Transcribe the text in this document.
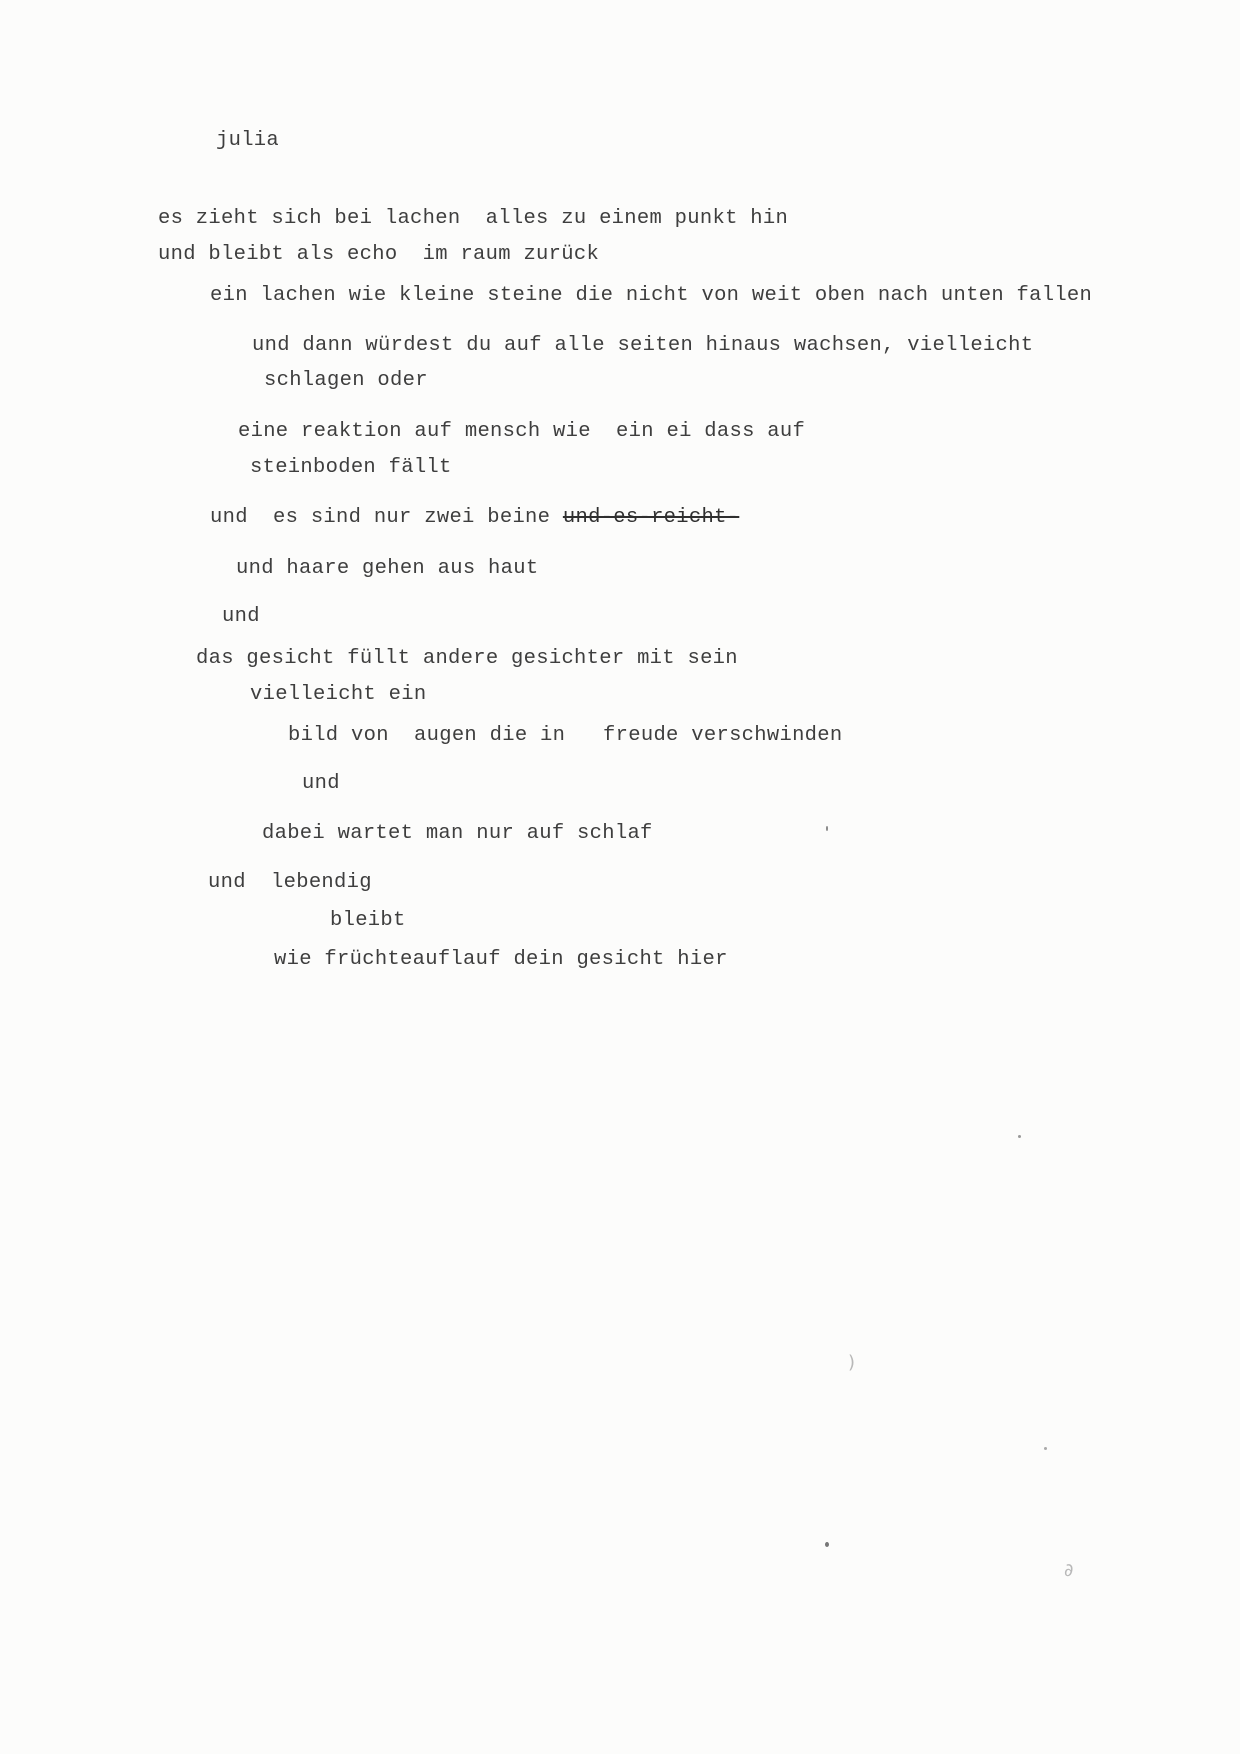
julia
es zieht sich bei lachen  alles zu einem punkt hin
und bleibt als echo  im raum zurück
ein lachen wie kleine steine die nicht von weit oben nach unten fallen
und dann würdest du auf alle seiten hinaus wachsen, vielleicht
schlagen oder
eine reaktion auf mensch wie  ein ei dass auf
steinboden fällt
und  es sind nur zwei beine und-es-reicht-
und haare gehen aus haut
und
das gesicht füllt andere gesichter mit sein
vielleicht ein
bild von  augen die in   freude verschwinden
und
dabei wartet man nur auf schlaf
und  lebendig
bleibt
wie früchteauflauf dein gesicht hier
)
∂
